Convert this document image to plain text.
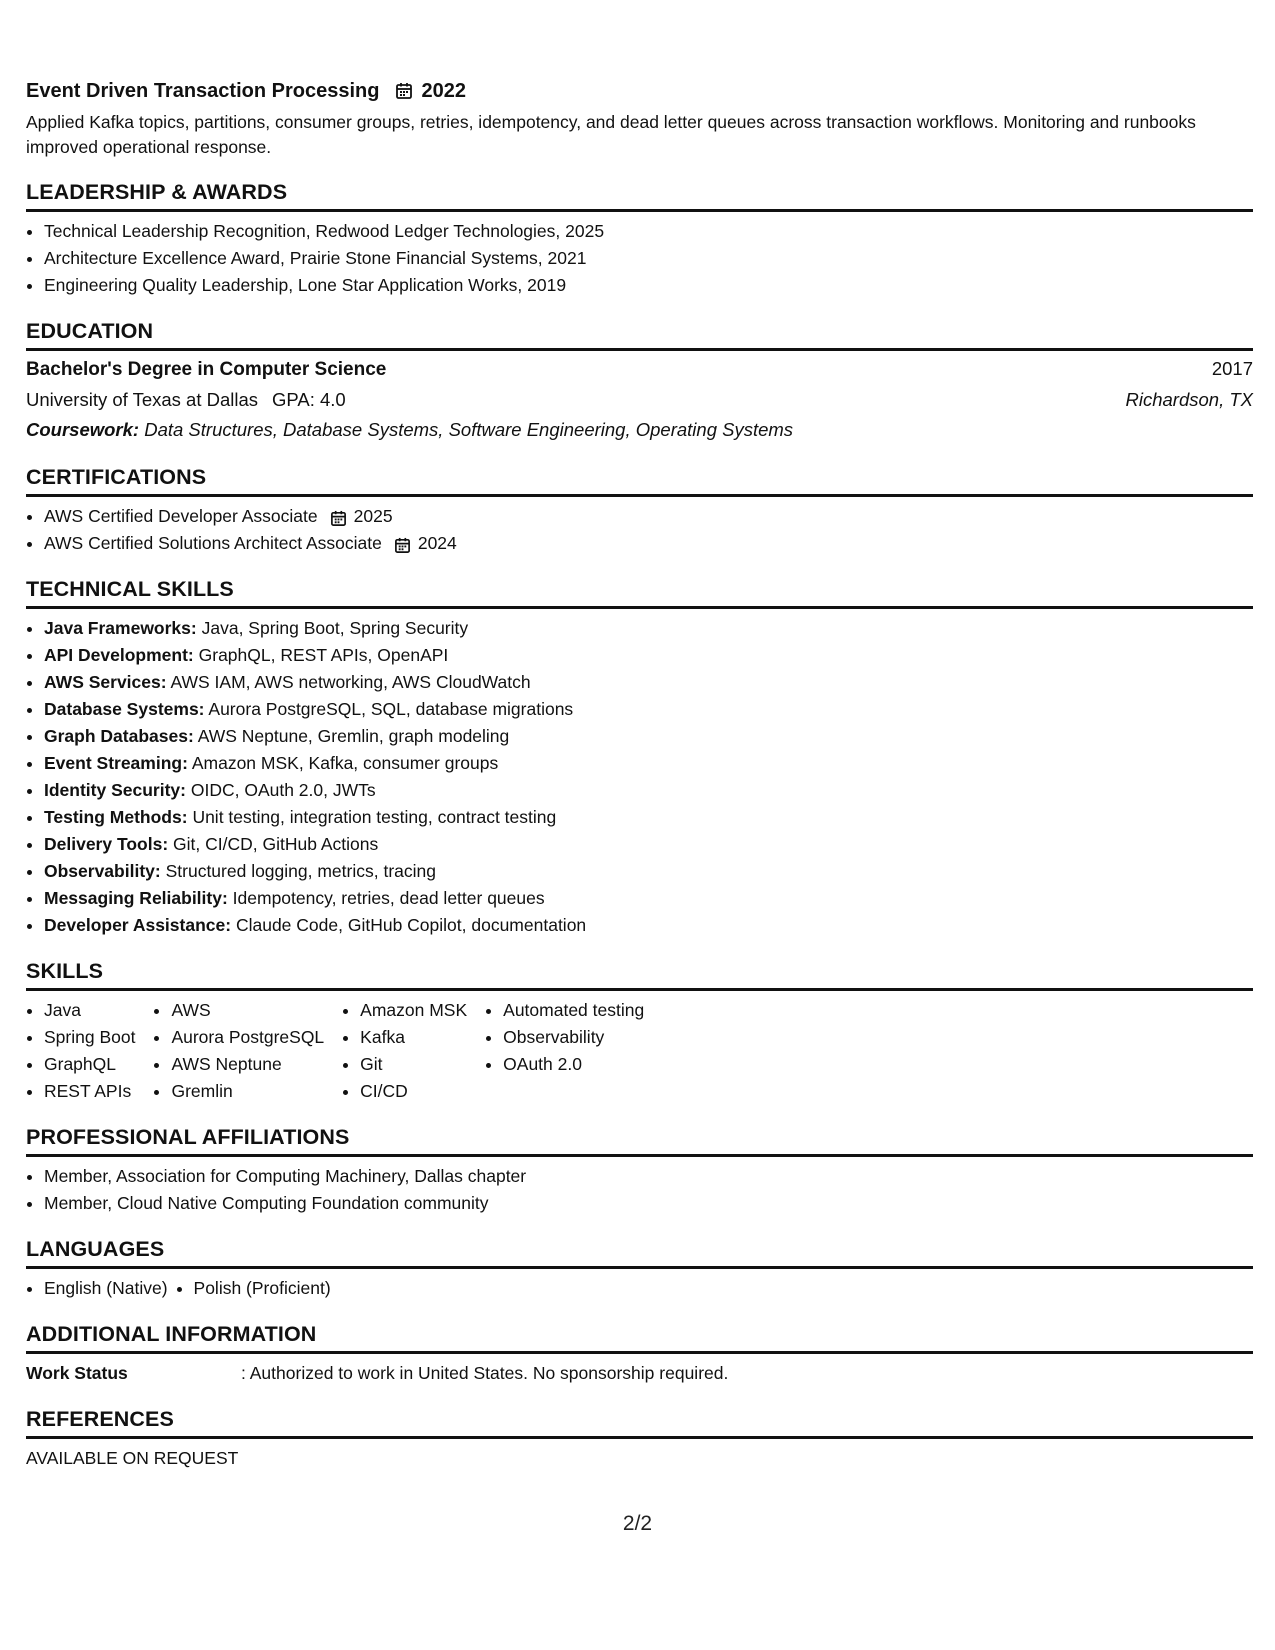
Event Driven Transaction Processing 2022
Applied Kafka topics, partitions, consumer groups, retries, idempotency, and dead letter queues across transaction workflows. Monitoring and runbooks improved operational response.
LEADERSHIP & AWARDS
• Technical Leadership Recognition, Redwood Ledger Technologies, 2025
• Architecture Excellence Award, Prairie Stone Financial Systems, 2021
• Engineering Quality Leadership, Lone Star Application Works, 2019
EDUCATION
Bachelor's Degree in Computer Science	2017
University of Texas at Dallas GPA: 4.0	Richardson, TX
Coursework: Data Structures, Database Systems, Software Engineering, Operating Systems
CERTIFICATIONS
• AWS Certified Developer Associate 2025
• AWS Certified Solutions Architect Associate 2024
TECHNICAL SKILLS
• Java Frameworks: Java, Spring Boot, Spring Security
• API Development: GraphQL, REST APIs, OpenAPI
• AWS Services: AWS IAM, AWS networking, AWS CloudWatch
• Database Systems: Aurora PostgreSQL, SQL, database migrations
• Graph Databases: AWS Neptune, Gremlin, graph modeling
• Event Streaming: Amazon MSK, Kafka, consumer groups
• Identity Security: OIDC, OAuth 2.0, JWTs
• Testing Methods: Unit testing, integration testing, contract testing
• Delivery Tools: Git, CI/CD, GitHub Actions
• Observability: Structured logging, metrics, tracing
• Messaging Reliability: Idempotency, retries, dead letter queues
• Developer Assistance: Claude Code, GitHub Copilot, documentation
SKILLS
• Java
• Spring Boot
• GraphQL
• REST APIs
• AWS
• Aurora PostgreSQL
• AWS Neptune
• Gremlin
• Amazon MSK
• Kafka
• Git
• CI/CD
• Automated testing
• Observability
• OAuth 2.0
PROFESSIONAL AFFILIATIONS
• Member, Association for Computing Machinery, Dallas chapter
• Member, Cloud Native Computing Foundation community
LANGUAGES
• English (Native)
• Polish (Proficient)
ADDITIONAL INFORMATION
Work Status	: Authorized to work in United States. No sponsorship required.
REFERENCES
AVAILABLE ON REQUEST
2/2
